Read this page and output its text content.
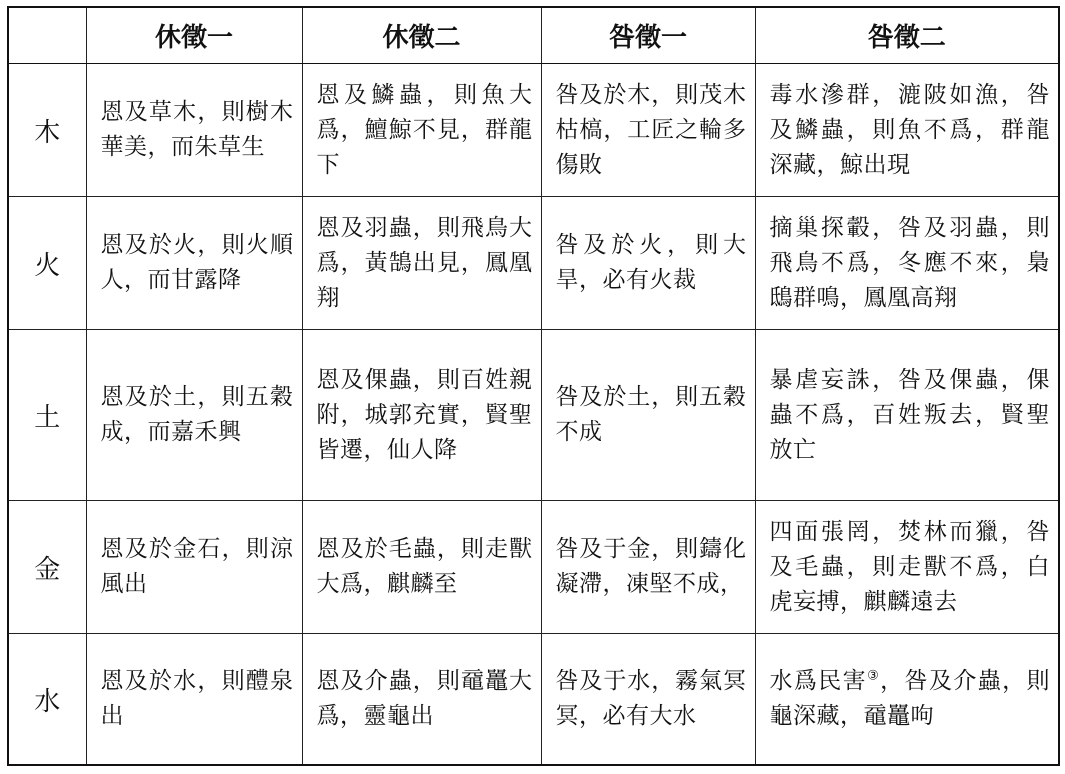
	休徵一	休徵二	咎徵一	咎徵二
木	恩及草木，則樹木華美，而朱草生	恩及鱗蟲，則魚大爲，鱣鯨不見，群龍下	咎及於木，則茂木枯槁，工匠之輪多傷敗	毒水滲群，漉陂如漁，咎及鱗蟲，則魚不爲，群龍深藏，鯨出現
火	恩及於火，則火順人，而甘露降	恩及羽蟲，則飛鳥大爲，黃鵠出見，鳳凰翔	咎及於火，則大旱，必有火裁	摘巢探轂，咎及羽蟲，則飛鳥不爲，冬應不來，梟鴟群鳴，鳳凰高翔
土	恩及於土，則五穀成，而嘉禾興	恩及倮蟲，則百姓親附，城郭充實，賢聖皆遷，仙人降	咎及於土，則五穀不成	暴虐妄誅，咎及倮蟲，倮蟲不爲，百姓叛去，賢聖放亡
金	恩及於金石，則涼風出	恩及於毛蟲，則走獸大爲，麒麟至	咎及于金，則鑄化凝滯，凍堅不成，	四面張罔，焚林而獵，咎及毛蟲，則走獸不爲，白虎妄搏，麒麟遠去
水	恩及於水，則醴泉出	恩及介蟲，則黿鼉大爲，靈龜出	咎及于水，霧氣冥冥，必有大水	水爲民害③，咎及介蟲，則龜深藏，黿鼉呴
